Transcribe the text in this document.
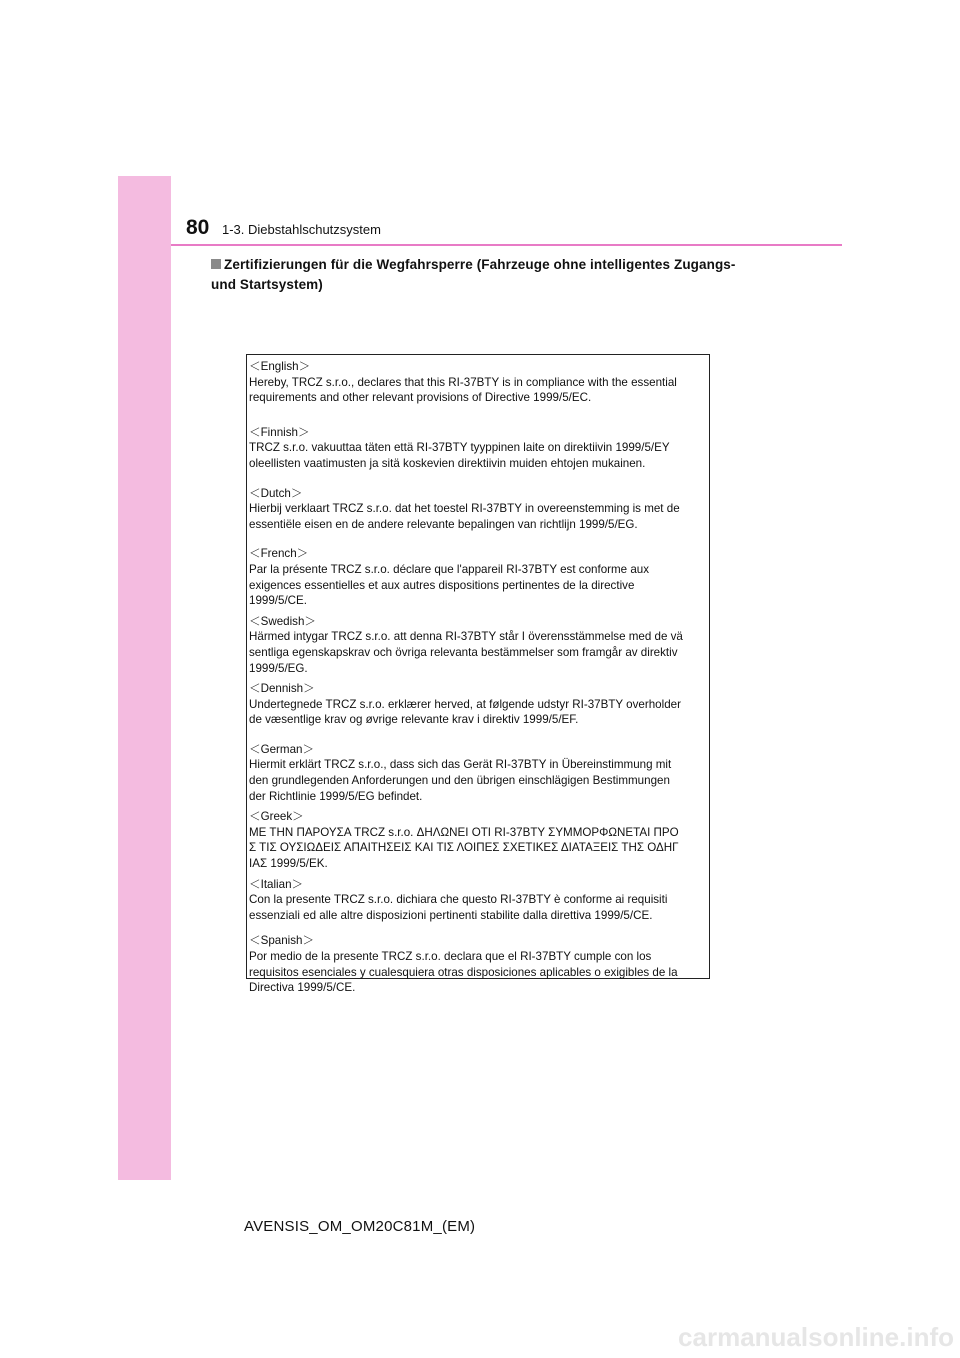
80 1-3. Diebstahlschutzsystem
Zertifizierungen für die Wegfahrsperre (Fahrzeuge ohne intelligentes Zugangs-
und Startsystem)
＜English＞
Hereby, TRCZ s.r.o., declares that this RI-37BTY is in compliance with the essential
requirements and other relevant provisions of Directive 1999/5/EC.
＜Finnish＞
TRCZ s.r.o. vakuuttaa täten että RI-37BTY tyyppinen laite on direktiivin 1999/5/EY
oleellisten vaatimusten ja sitä koskevien direktiivin muiden ehtojen mukainen.
＜Dutch＞
Hierbij verklaart TRCZ s.r.o. dat het toestel RI-37BTY in overeenstemming is met de
essentiële eisen en de andere relevante bepalingen van richtlijn 1999/5/EG.
＜French＞
Par la présente TRCZ s.r.o. déclare que l'appareil RI-37BTY est conforme aux
exigences essentielles et aux autres dispositions pertinentes de la directive
1999/5/CE.
＜Swedish＞
Härmed intygar TRCZ s.r.o. att denna RI-37BTY står I överensstämmelse med de vä
sentliga egenskapskrav och övriga relevanta bestämmelser som framgår av direktiv
1999/5/EG.
＜Dennish＞
Undertegnede TRCZ s.r.o. erklærer herved, at følgende udstyr RI-37BTY overholder
de væsentlige krav og øvrige relevante krav i direktiv 1999/5/EF.
＜German＞
Hiermit erklärt TRCZ s.r.o., dass sich das Gerät RI-37BTY in Übereinstimmung mit
den grundlegenden Anforderungen und den übrigen einschlägigen Bestimmungen
der Richtlinie 1999/5/EG befindet.
＜Greek＞
ΜΕ ΤΗΝ ΠΑΡΟΥΣΑ TRCZ s.r.o. ΔΗΛΩΝΕΙ ΟΤΙ RI-37BTY ΣΥΜΜΟΡΦΩΝΕΤΑΙ ΠΡΟ
Σ ΤΙΣ ΟΥΣΙΩΔΕΙΣ ΑΠΑΙΤΗΣΕΙΣ ΚΑΙ ΤΙΣ ΛΟΙΠΕΣ ΣΧΕΤΙΚΕΣ ΔΙΑΤΑΞΕΙΣ ΤΗΣ ΟΔΗΓ
ΙΑΣ 1999/5/ΕΚ.
＜Italian＞
Con la presente TRCZ s.r.o. dichiara che questo RI-37BTY è conforme ai requisiti
essenziali ed alle altre disposizioni pertinenti stabilite dalla direttiva 1999/5/CE.
＜Spanish＞
Por medio de la presente TRCZ s.r.o. declara que el RI-37BTY cumple con los
requisitos esenciales y cualesquiera otras disposiciones aplicables o exigibles de la
Directiva 1999/5/CE.
AVENSIS_OM_OM20C81M_(EM)
carmanualsonline.info
